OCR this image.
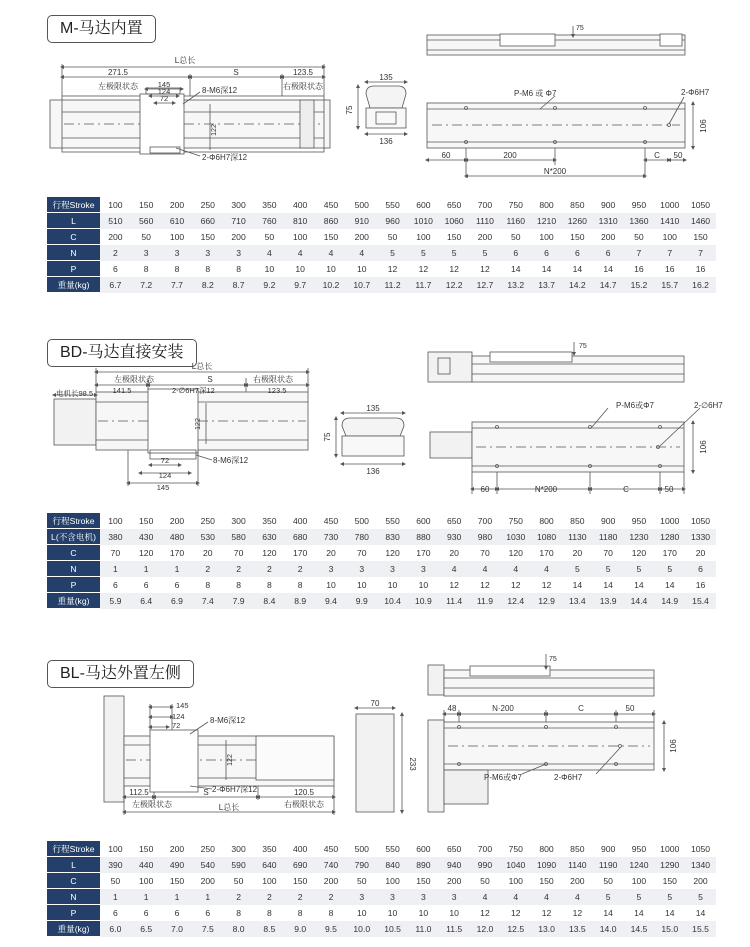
M-马达内置
L总长
271.5	S	123.5
左极限状态	右极限状态
145
124
72
122
8-M6深12
2-Φ6H7深12
135
75
136
75
P-M6 或 Φ7	2-Φ6H7
106
60	200
N*200
C 50
行程Stroke	100	150	200	250	300	350	400	450	500	550	600	650	700	750	800	850	900	950	1000	1050
L	510	560	610	660	710	760	810	860	910	960	1010	1060	1110	1160	1210	1260	1310	1360	1410	1460
C	200	50	100	150	200	50	100	150	200	50	100	150	200	50	100	150	200	50	100	150
N	2	3	3	3	3	4	4	4	4	5	5	5	5	6	6	6	6	7	7	7
P	6	8	8	8	8	10	10	10	10	12	12	12	12	14	14	14	14	16	16	16
重量(kg)	6.7	7.2	7.7	8.2	8.7	9.2	9.7	10.2	10.7	11.2	11.7	12.2	12.7	13.2	13.7	14.2	14.7	15.2	15.7	16.2
BD-马达直接安装
L总长
左极限状态	S	右极限状态
电机长98.5	141.5	2-∅6H7深12	123.5
122
72
124
145
8-M6深12
135
75
136
75
P-M6或Φ7	2-∅6H7
106
60	N*200	C	50
行程Stroke	100	150	200	250	300	350	400	450	500	550	600	650	700	750	800	850	900	950	1000	1050
L(不含电机)	380	430	480	530	580	630	680	730	780	830	880	930	980	1030	1080	1130	1180	1230	1280	1330
C	70	120	170	20	70	120	170	20	70	120	170	20	70	120	170	20	70	120	170	20
N	1	1	1	2	2	2	2	3	3	3	3	4	4	4	4	5	5	5	5	6
P	6	6	6	8	8	8	8	10	10	10	10	12	12	12	12	14	14	14	14	16
重量(kg)	5.9	6.4	6.9	7.4	7.9	8.4	8.9	9.4	9.9	10.4	10.9	11.4	11.9	12.4	12.9	13.4	13.9	14.4	14.9	15.4
BL-马达外置左侧
145
124
72
8-M6深12
122
2-Φ6H7深12
112.5	S	120.5
左极限状态	L总长	右极限状态
70
233
75
48	N·200	C	50
106
P-M6或Φ7	2-Φ6H7
行程Stroke	100	150	200	250	300	350	400	450	500	550	600	650	700	750	800	850	900	950	1000	1050
L	390	440	490	540	590	640	690	740	790	840	890	940	990	1040	1090	1140	1190	1240	1290	1340
C	50	100	150	200	50	100	150	200	50	100	150	200	50	100	150	200	50	100	150	200
N	1	1	1	1	2	2	2	2	3	3	3	3	4	4	4	4	5	5	5	5
P	6	6	6	6	8	8	8	8	10	10	10	10	12	12	12	12	14	14	14	14
重量(kg)	6.0	6.5	7.0	7.5	8.0	8.5	9.0	9.5	10.0	10.5	11.0	11.5	12.0	12.5	13.0	13.5	14.0	14.5	15.0	15.5
